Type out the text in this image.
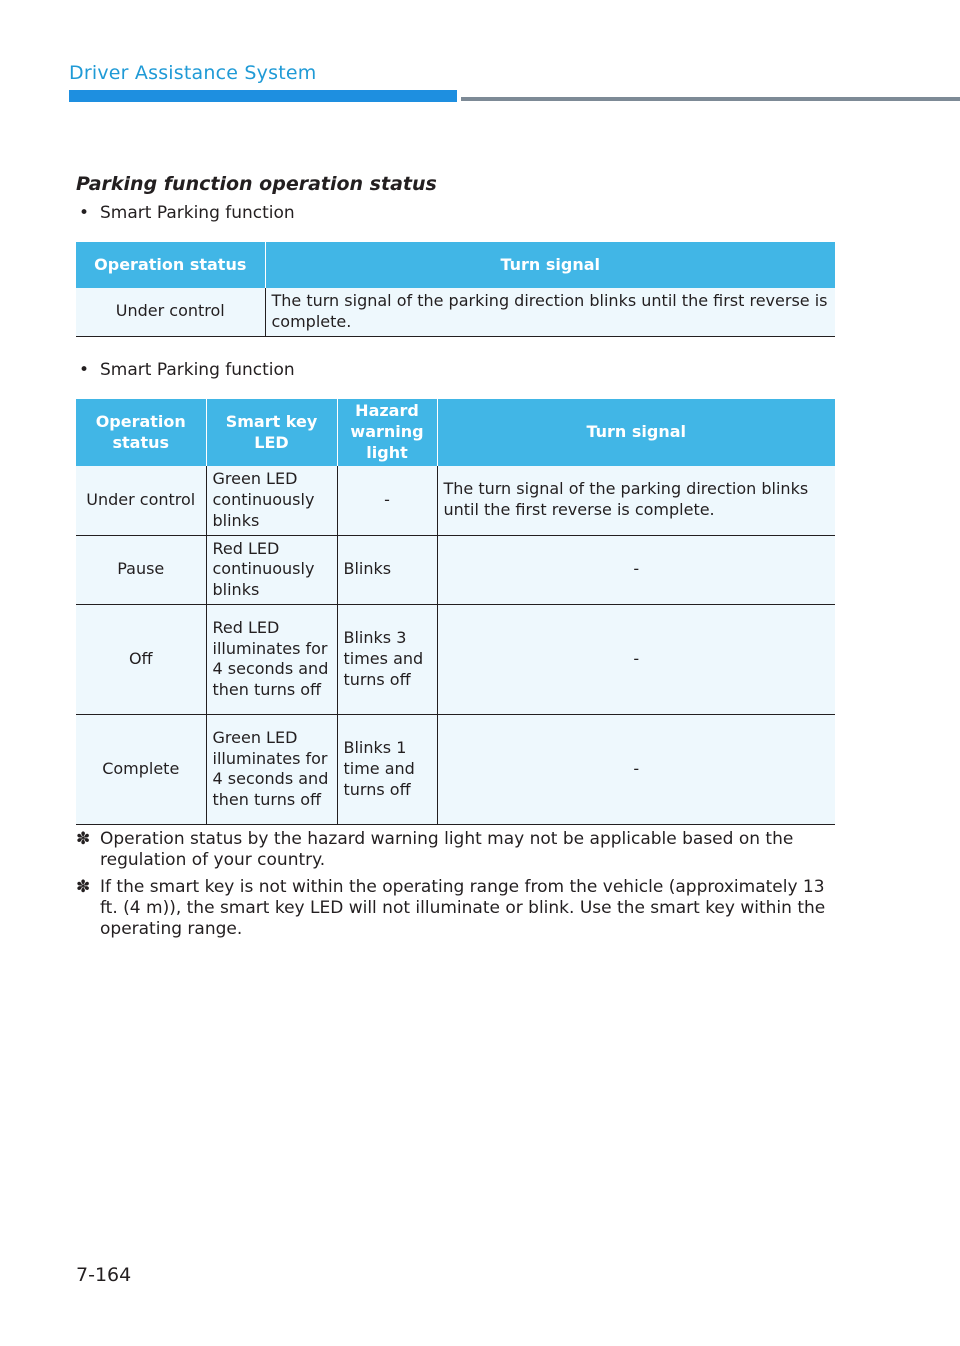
Driver Assistance System
Parking function operation status
• Smart Parking function
Operation status	Turn signal
Under control	The turn signal of the parking direction blinks until the first reverse is complete.
• Smart Parking function
Operation status	Smart key LED	Hazard warning light	Turn signal
Under control	Green LED continuously blinks	-	The turn signal of the parking direction blinks until the first reverse is complete.
Pause	Red LED continuously blinks	Blinks	-
Off	Red LED illuminates for 4 seconds and then turns off	Blinks 3 times and turns off	-
Complete	Green LED illuminates for 4 seconds and then turns off	Blinks 1 time and turns off	-
✽ Operation status by the hazard warning light may not be applicable based on the regulation of your country.
✽ If the smart key is not within the operating range from the vehicle (approximately 13 ft. (4 m)), the smart key LED will not illuminate or blink. Use the smart key within the operating range.
7-164
